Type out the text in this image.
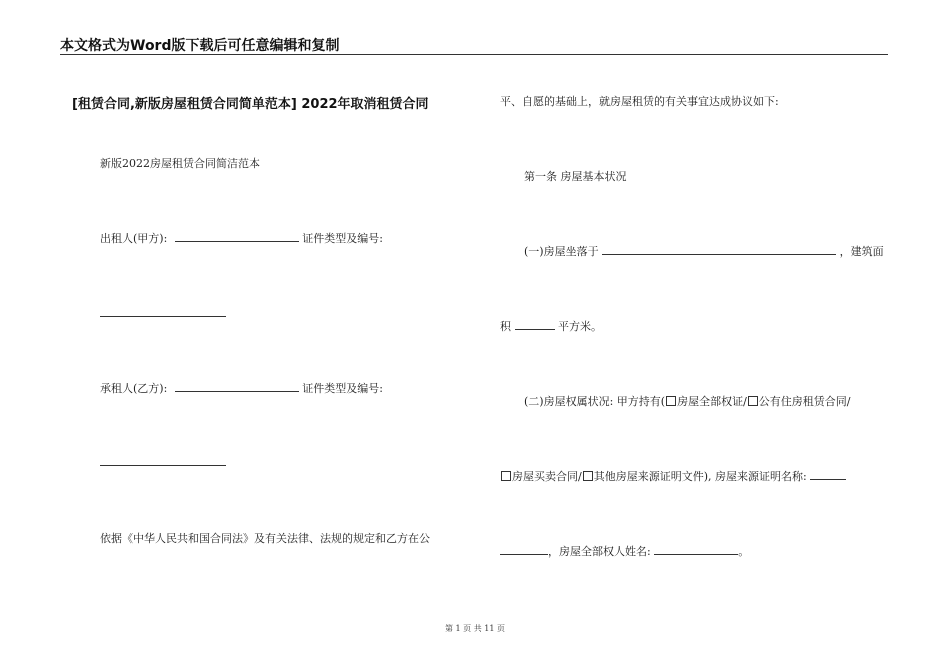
本文格式为Word版下载后可任意编辑和复制
[租赁合同,新版房屋租赁合同简单范本] 2022年取消租赁合同
新版2022房屋租赁合同简洁范本
出租人(甲方):	证件类型及编号:
承租人(乙方):	证件类型及编号:
依据《中华人民共和国合同法》及有关法律、法规的规定和乙方在公
平、自愿的基础上，就房屋租赁的有关事宜达成协议如下:
第一条 房屋基本状况
(一)房屋坐落于	，建筑面
积	平方米。
(二)房屋权属状况: 甲方持有( 房屋全部权证/ 公有住房租赁合同/
房屋买卖合同/ 其他房屋来源证明文件), 房屋来源证明名称:
，房屋全部权人姓名:	。
第 1 页 共 11 页
